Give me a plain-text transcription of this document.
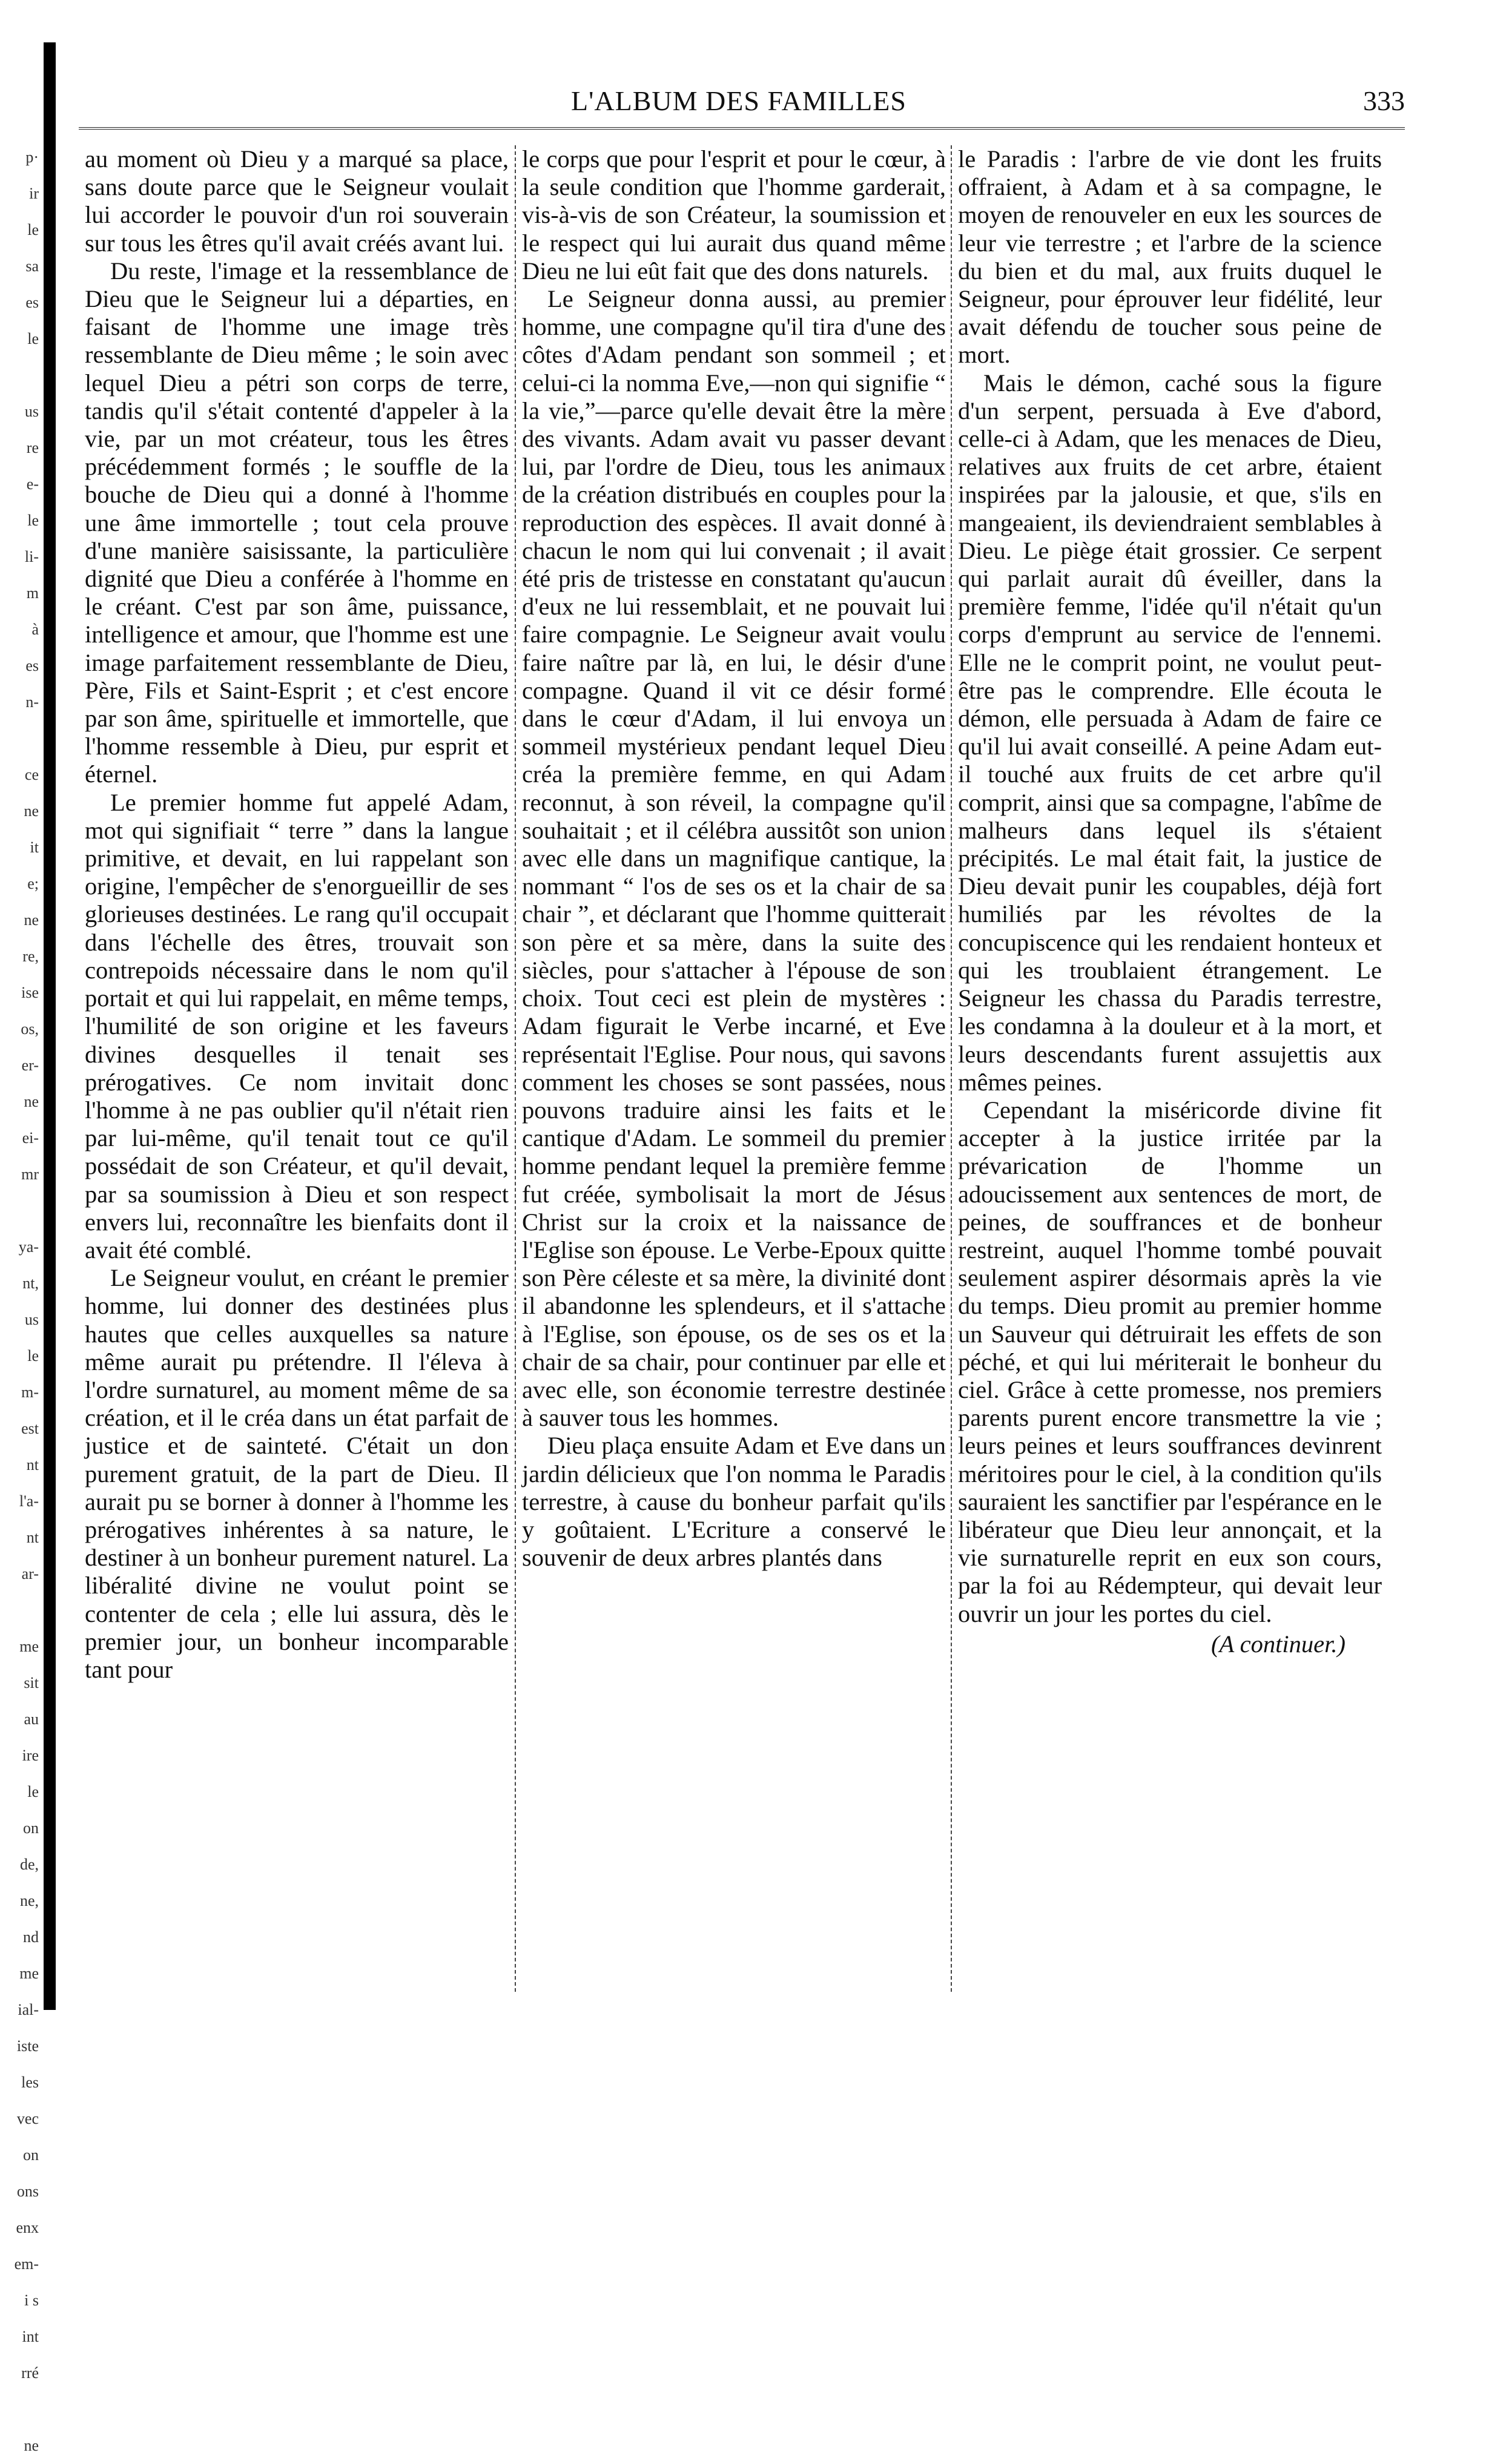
p·
ir
le
sa
es
le
us
re
e-
le
li-
m
à
es
n-
ce
ne
it
e;
ne
re,
ise
os,
er-
ne
ei-
mr
ya-
nt,
us
le
m-
est
nt
l'a-
nt
ar-
me
sit
au
ire
le
on
de,
ne,
nd
me
ial-
iste
les
vec
on
ons
enx
em-
i s
int
rré
ne
L'ALBUM DES FAMILLES	333

au moment où Dieu y a marqué sa place, sans doute parce que le Seigneur voulait lui accorder le pouvoir d'un roi souverain sur tous les êtres qu'il avait créés avant lui.

Du reste, l'image et la ressemblance de Dieu que le Seigneur lui a départies, en faisant de l'homme une image très ressemblante de Dieu même ; le soin avec lequel Dieu a pétri son corps de terre, tandis qu'il s'était contenté d'appeler à la vie, par un mot créateur, tous les êtres précédemment formés ; le souffle de la bouche de Dieu qui a donné à l'homme une âme immortelle ; tout cela prouve d'une manière saisissante, la particulière dignité que Dieu a conférée à l'homme en le créant. C'est par son âme, puissance, intelligence et amour, que l'homme est une image parfaitement ressemblante de Dieu, Père, Fils et Saint-Esprit ; et c'est encore par son âme, spirituelle et immortelle, que l'homme ressemble à Dieu, pur esprit et éternel.

Le premier homme fut appelé Adam, mot qui signifiait “ terre ” dans la langue primitive, et devait, en lui rappelant son origine, l'empêcher de s'enorgueillir de ses glorieuses destinées. Le rang qu'il occupait dans l'échelle des êtres, trouvait son contrepoids nécessaire dans le nom qu'il portait et qui lui rappelait, en même temps, l'humilité de son origine et les faveurs divines desquelles il tenait ses prérogatives. Ce nom invitait donc l'homme à ne pas oublier qu'il n'était rien par lui-même, qu'il tenait tout ce qu'il possédait de son Créateur, et qu'il devait, par sa soumission à Dieu et son respect envers lui, reconnaître les bienfaits dont il avait été comblé.

Le Seigneur voulut, en créant le premier homme, lui donner des destinées plus hautes que celles auxquelles sa nature même aurait pu prétendre. Il l'éleva à l'ordre surnaturel, au moment même de sa création, et il le créa dans un état parfait de justice et de sainteté. C'était un don purement gratuit, de la part de Dieu. Il aurait pu se borner à donner à l'homme les prérogatives inhérentes à sa nature, le destiner à un bonheur purement naturel. La libéralité divine ne voulut point se contenter de cela ; elle lui assura, dès le premier jour, un bonheur incomparable tant pour

le corps que pour l'esprit et pour le cœur, à la seule condition que l'homme garderait, vis-à-vis de son Créateur, la soumission et le respect qui lui aurait dus quand même Dieu ne lui eût fait que des dons naturels.

Le Seigneur donna aussi, au premier homme, une compagne qu'il tira d'une des côtes d'Adam pendant son sommeil ; et celui-ci la nomma Eve,—non qui signifie “ la vie,”—parce qu'elle devait être la mère des vivants. Adam avait vu passer devant lui, par l'ordre de Dieu, tous les animaux de la création distribués en couples pour la reproduction des espèces. Il avait donné à chacun le nom qui lui convenait ; il avait été pris de tristesse en constatant qu'aucun d'eux ne lui ressemblait, et ne pouvait lui faire compagnie. Le Seigneur avait voulu faire naître par là, en lui, le désir d'une compagne. Quand il vit ce désir formé dans le cœur d'Adam, il lui envoya un sommeil mystérieux pendant lequel Dieu créa la première femme, en qui Adam reconnut, à son réveil, la compagne qu'il souhaitait ; et il célébra aussitôt son union avec elle dans un magnifique cantique, la nommant “ l'os de ses os et la chair de sa chair ”, et déclarant que l'homme quitterait son père et sa mère, dans la suite des siècles, pour s'attacher à l'épouse de son choix. Tout ceci est plein de mystères : Adam figurait le Verbe incarné, et Eve représentait l'Eglise. Pour nous, qui savons comment les choses se sont passées, nous pouvons traduire ainsi les faits et le cantique d'Adam. Le sommeil du premier homme pendant lequel la première femme fut créée, symbolisait la mort de Jésus Christ sur la croix et la naissance de l'Eglise son épouse. Le Verbe-Epoux quitte son Père céleste et sa mère, la divinité dont il abandonne les splendeurs, et il s'attache à l'Eglise, son épouse, os de ses os et la chair de sa chair, pour continuer par elle et avec elle, son économie terrestre destinée à sauver tous les hommes.

Dieu plaça ensuite Adam et Eve dans un jardin délicieux que l'on nomma le Paradis terrestre, à cause du bonheur parfait qu'ils y goûtaient. L'Ecriture a conservé le souvenir de deux arbres plantés dans

le Paradis : l'arbre de vie dont les fruits offraient, à Adam et à sa compagne, le moyen de renouveler en eux les sources de leur vie terrestre ; et l'arbre de la science du bien et du mal, aux fruits duquel le Seigneur, pour éprouver leur fidélité, leur avait défendu de toucher sous peine de mort.

Mais le démon, caché sous la figure d'un serpent, persuada à Eve d'abord, celle-ci à Adam, que les menaces de Dieu, relatives aux fruits de cet arbre, étaient inspirées par la jalousie, et que, s'ils en mangeaient, ils deviendraient semblables à Dieu. Le piège était grossier. Ce serpent qui parlait aurait dû éveiller, dans la première femme, l'idée qu'il n'était qu'un corps d'emprunt au service de l'ennemi. Elle ne le comprit point, ne voulut peut-être pas le comprendre. Elle écouta le démon, elle persuada à Adam de faire ce qu'il lui avait conseillé. A peine Adam eut-il touché aux fruits de cet arbre qu'il comprit, ainsi que sa compagne, l'abîme de malheurs dans lequel ils s'étaient précipités. Le mal était fait, la justice de Dieu devait punir les coupables, déjà fort humiliés par les révoltes de la concupiscence qui les rendaient honteux et qui les troublaient étrangement. Le Seigneur les chassa du Paradis terrestre, les condamna à la douleur et à la mort, et leurs descendants furent assujettis aux mêmes peines.

Cependant la miséricorde divine fit accepter à la justice irritée par la prévarication de l'homme un adoucissement aux sentences de mort, de peines, de souffrances et de bonheur restreint, auquel l'homme tombé pouvait seulement aspirer désormais après la vie du temps. Dieu promit au premier homme un Sauveur qui détruirait les effets de son péché, et qui lui mériterait le bonheur du ciel. Grâce à cette promesse, nos premiers parents purent encore transmettre la vie ; leurs peines et leurs souffrances devinrent méritoires pour le ciel, à la condition qu'ils sauraient les sanctifier par l'espérance en le libérateur que Dieu leur annonçait, et la vie surnaturelle reprit en eux son cours, par la foi au Rédempteur, qui devait leur ouvrir un jour les portes du ciel.

(A continuer.)
